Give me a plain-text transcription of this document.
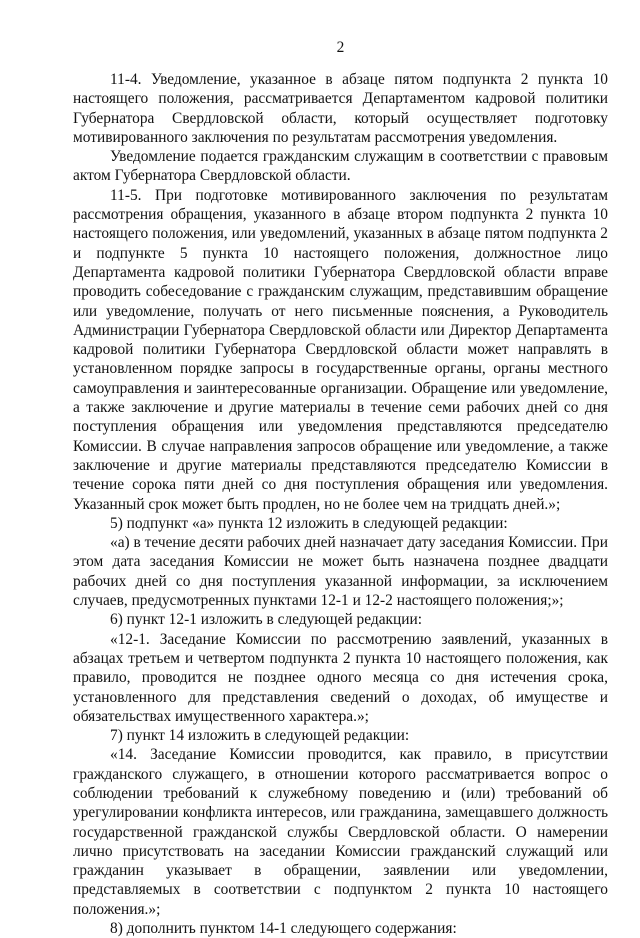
2

11-4. Уведомление, указанное в абзаце пятом подпункта 2 пункта 10 настоящего положения, рассматривается Департаментом кадровой политики Губернатора Свердловской области, который осуществляет подготовку мотивированного заключения по результатам рассмотрения уведомления.

Уведомление подается гражданским служащим в соответствии с правовым актом Губернатора Свердловской области.

11-5. При подготовке мотивированного заключения по результатам рассмотрения обращения, указанного в абзаце втором подпункта 2 пункта 10 настоящего положения, или уведомлений, указанных в абзаце пятом подпункта 2 и подпункте 5 пункта 10 настоящего положения, должностное лицо Департамента кадровой политики Губернатора Свердловской области вправе проводить собеседование с гражданским служащим, представившим обращение или уведомление, получать от него письменные пояснения, а Руководитель Администрации Губернатора Свердловской области или Директор Департамента кадровой политики Губернатора Свердловской области может направлять в установленном порядке запросы в государственные органы, органы местного самоуправления и заинтересованные организации. Обращение или уведомление, а также заключение и другие материалы в течение семи рабочих дней со дня поступления обращения или уведомления представляются председателю Комиссии. В случае направления запросов обращение или уведомление, а также заключение и другие материалы представляются председателю Комиссии в течение сорока пяти дней со дня поступления обращения или уведомления. Указанный срок может быть продлен, но не более чем на тридцать дней.»;

5) подпункт «а» пункта 12 изложить в следующей редакции:

«а) в течение десяти рабочих дней назначает дату заседания Комиссии. При этом дата заседания Комиссии не может быть назначена позднее двадцати рабочих дней со дня поступления указанной информации, за исключением случаев, предусмотренных пунктами 12-1 и 12-2 настоящего положения;»;

6) пункт 12-1 изложить в следующей редакции:

«12-1. Заседание Комиссии по рассмотрению заявлений, указанных в абзацах третьем и четвертом подпункта 2 пункта 10 настоящего положения, как правило, проводится не позднее одного месяца со дня истечения срока, установленного для представления сведений о доходах, об имуществе и обязательствах имущественного характера.»;

7) пункт 14 изложить в следующей редакции:

«14. Заседание Комиссии проводится, как правило, в присутствии гражданского служащего, в отношении которого рассматривается вопрос о соблюдении требований к служебному поведению и (или) требований об урегулировании конфликта интересов, или гражданина, замещавшего должность государственной гражданской службы Свердловской области. О намерении лично присутствовать на заседании Комиссии гражданский служащий или гражданин указывает в обращении, заявлении или уведомлении, представляемых в соответствии с подпунктом 2 пункта 10 настоящего положения.»;

8) дополнить пунктом 14-1 следующего содержания:
